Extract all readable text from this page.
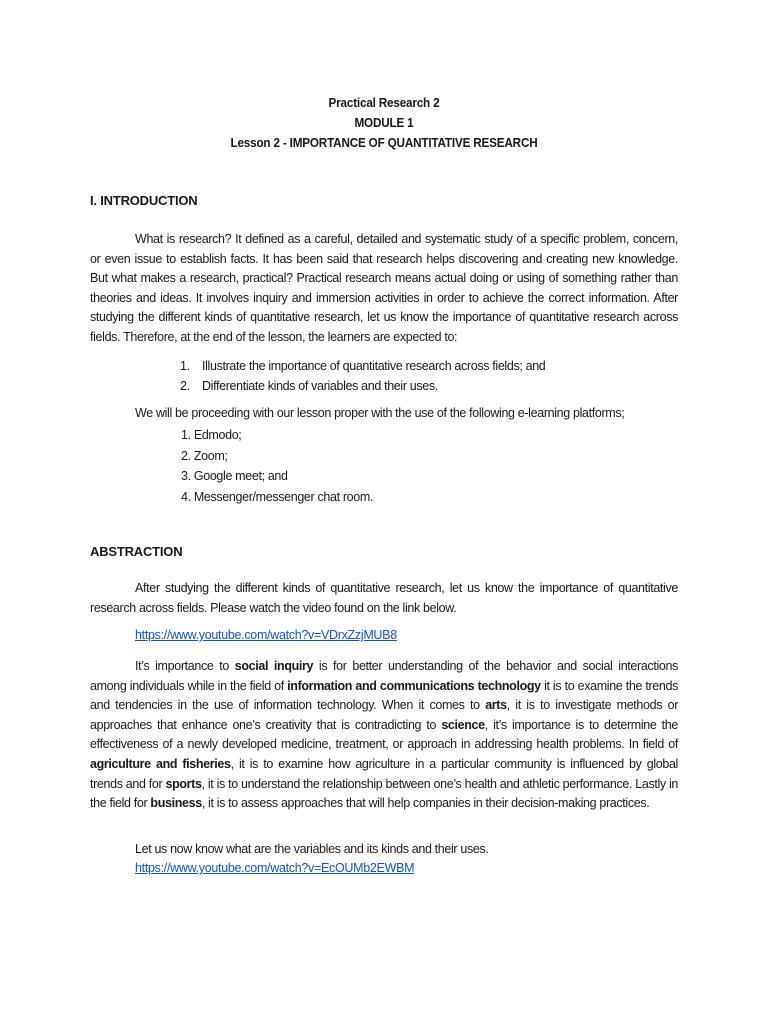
Practical Research 2
MODULE 1
Lesson 2 - IMPORTANCE OF QUANTITATIVE RESEARCH
I. INTRODUCTION

What is research? It defined as a careful, detailed and systematic study of a specific problem, concern, or even issue to establish facts. It has been said that research helps discovering and creating new knowledge. But what makes a research, practical? Practical research means actual doing or using of something rather than theories and ideas. It involves inquiry and immersion activities in order to achieve the correct information. After studying the different kinds of quantitative research, let us know the importance of quantitative research across fields. Therefore, at the end of the lesson, the learners are expected to:

1. Illustrate the importance of quantitative research across fields; and
2. Differentiate kinds of variables and their uses.
We will be proceeding with our lesson proper with the use of the following e-learning platforms;
1. Edmodo;
2. Zoom;
3. Google meet; and
4. Messenger/messenger chat room.
ABSTRACTION

After studying the different kinds of quantitative research, let us know the importance of quantitative research across fields. Please watch the video found on the link below.

https://www.youtube.com/watch?v=VDrxZzjMUB8

It’s importance to social inquiry is for better understanding of the behavior and social interactions among individuals while in the field of information and communications technology it is to examine the trends and tendencies in the use of information technology. When it comes to arts, it is to investigate methods or approaches that enhance one’s creativity that is contradicting to science, it’s importance is to determine the effectiveness of a newly developed medicine, treatment, or approach in addressing health problems. In field of agriculture and fisheries, it is to examine how agriculture in a particular community is influenced by global trends and for sports, it is to understand the relationship between one’s health and athletic performance. Lastly in the field for business, it is to assess approaches that will help companies in their decision-making practices.

Let us now know what are the variables and its kinds and their uses.
https://www.youtube.com/watch?v=EcOUMb2EWBM
